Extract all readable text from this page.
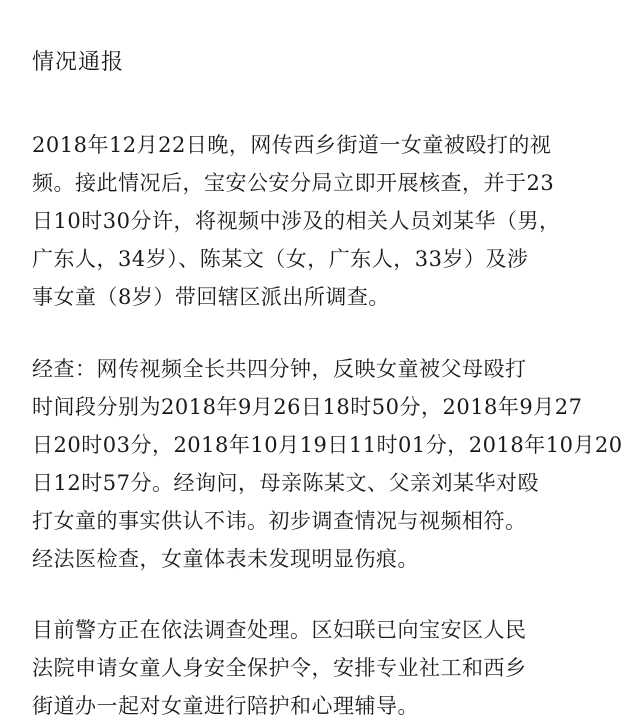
情况通报
2018年12月22日晚，网传西乡街道一女童被殴打的视
频。接此情况后，宝安公安分局立即开展核查，并于23
日10时30分许，将视频中涉及的相关人员刘某华（男，
广东人，34岁）、陈某文（女，广东人，33岁）及涉
事女童（8岁）带回辖区派出所调查。
经查：网传视频全长共四分钟，反映女童被父母殴打
时间段分别为2018年9月26日18时50分，2018年9月27
日20时03分，2018年10月19日11时01分，2018年10月20
日12时57分。经询问，母亲陈某文、父亲刘某华对殴
打女童的事实供认不讳。初步调查情况与视频相符。
经法医检查，女童体表未发现明显伤痕。
目前警方正在依法调查处理。区妇联已向宝安区人民
法院申请女童人身安全保护令，安排专业社工和西乡
街道办一起对女童进行陪护和心理辅导。
